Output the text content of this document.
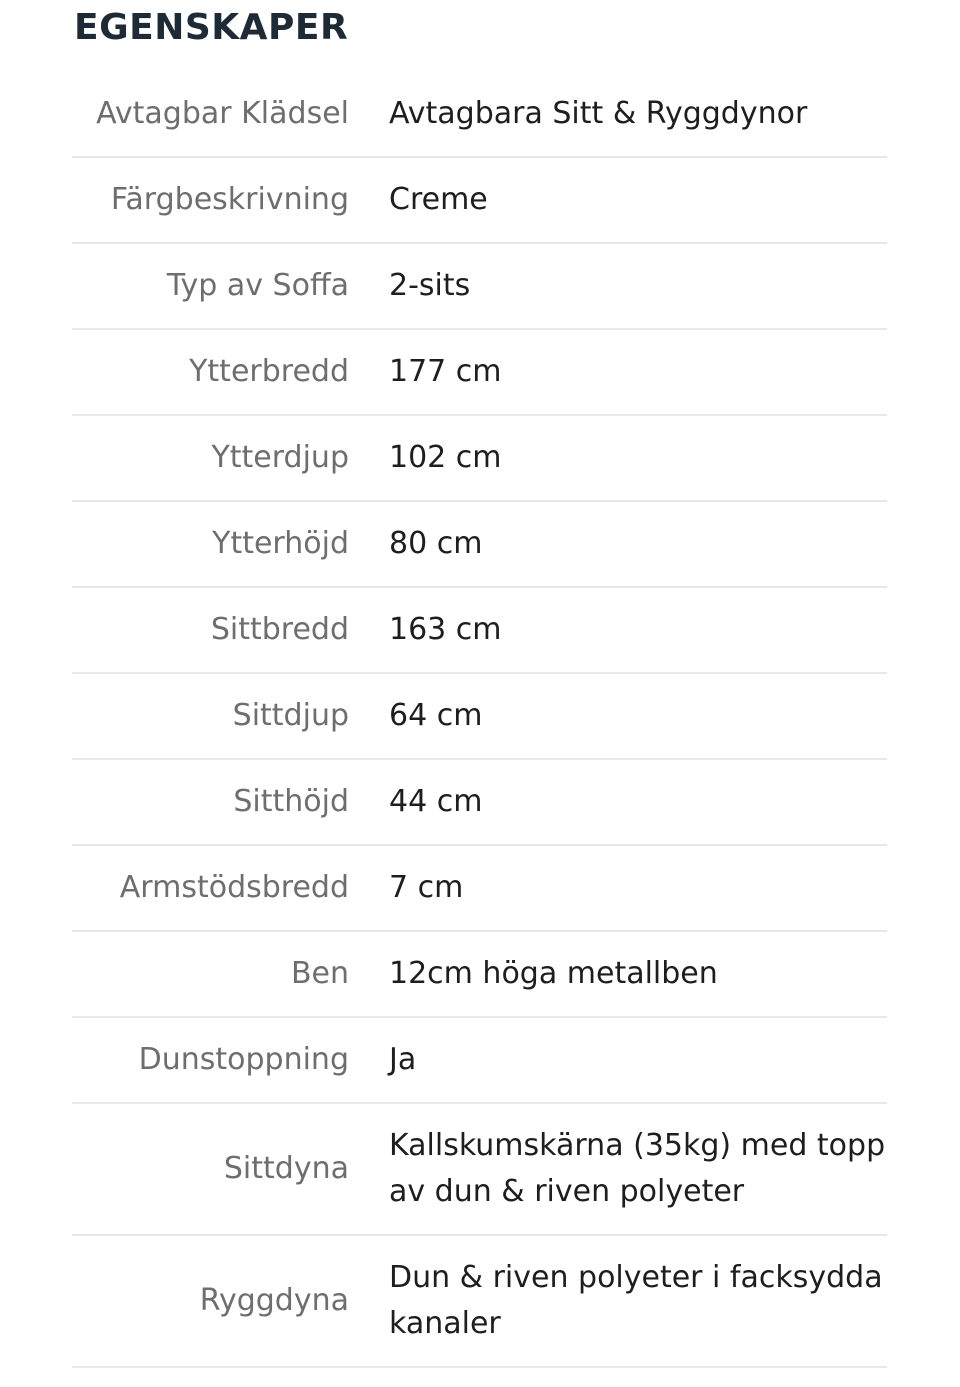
EGENSKAPER
Avtagbar Klädsel	Avtagbara Sitt & Ryggdynor
Färgbeskrivning	Creme
Typ av Soffa	2-sits
Ytterbredd	177 cm
Ytterdjup	102 cm
Ytterhöjd	80 cm
Sittbredd	163 cm
Sittdjup	64 cm
Sitthöjd	44 cm
Armstödsbredd	7 cm
Ben	12cm höga metallben
Dunstoppning	Ja
Sittdyna	Kallskumskärna (35kg) med topp av dun & riven polyeter
Ryggdyna	Dun & riven polyeter i facksydda kanaler
